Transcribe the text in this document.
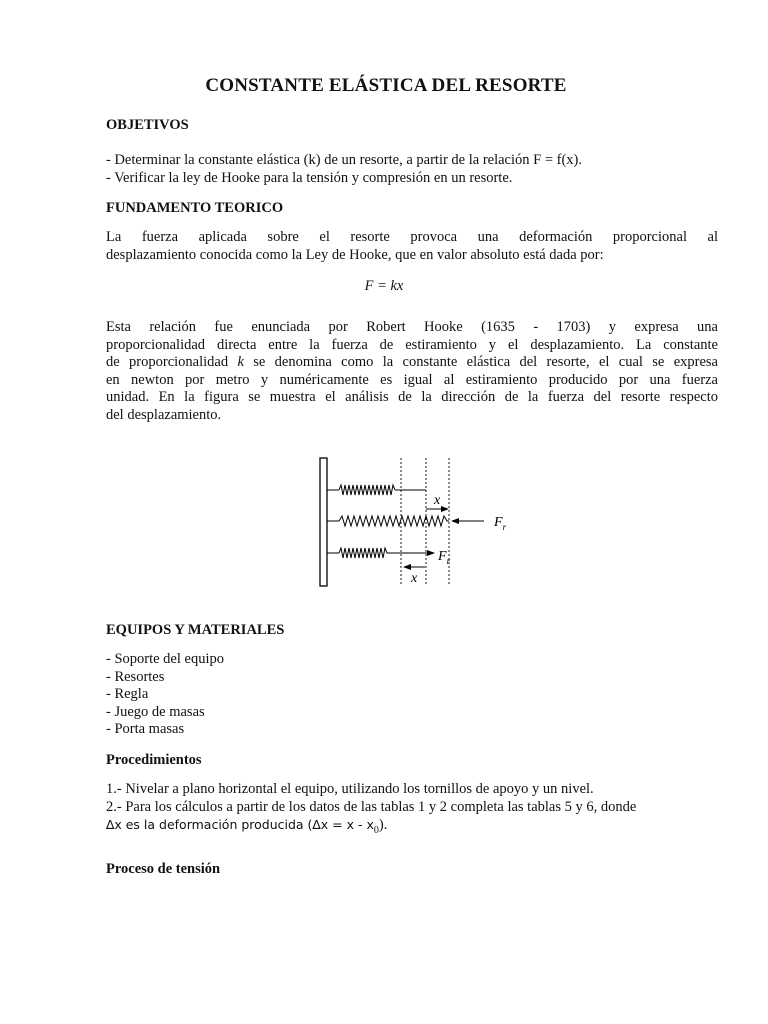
CONSTANTE ELÁSTICA DEL RESORTE
OBJETIVOS
- Determinar la constante elástica (k) de un resorte, a partir de la relación F = f(x).
- Verificar la ley de Hooke para la tensión y compresión en un resorte.
FUNDAMENTO TEORICO
La fuerza aplicada sobre el resorte provoca una deformación proporcional al
desplazamiento conocida como la Ley de Hooke, que en valor absoluto está dada por:
F = kx
Esta relación fue enunciada por Robert Hooke (1635 - 1703) y expresa una
proporcionalidad directa entre la fuerza de estiramiento y el desplazamiento. La constante
de proporcionalidad k se denomina como la constante elástica del resorte, el cual se expresa
en newton por metro y numéricamente es igual al estiramiento producido por una fuerza
unidad. En la figura se muestra el análisis de la dirección de la fuerza del resorte respecto
del desplazamiento.
x
$F_r$
$F_r$
x
EQUIPOS Y MATERIALES
- Soporte del equipo
- Resortes
- Regla
- Juego de masas
- Porta masas
Procedimientos
1.- Nivelar a plano horizontal el equipo, utilizando los tornillos de apoyo y un nivel.
2.- Para los cálculos a partir de los datos de las tablas 1 y 2 completa las tablas 5 y 6, donde
∆x es la deformación producida $(\Delta x = x - x_0)$.
Proceso de tensión
